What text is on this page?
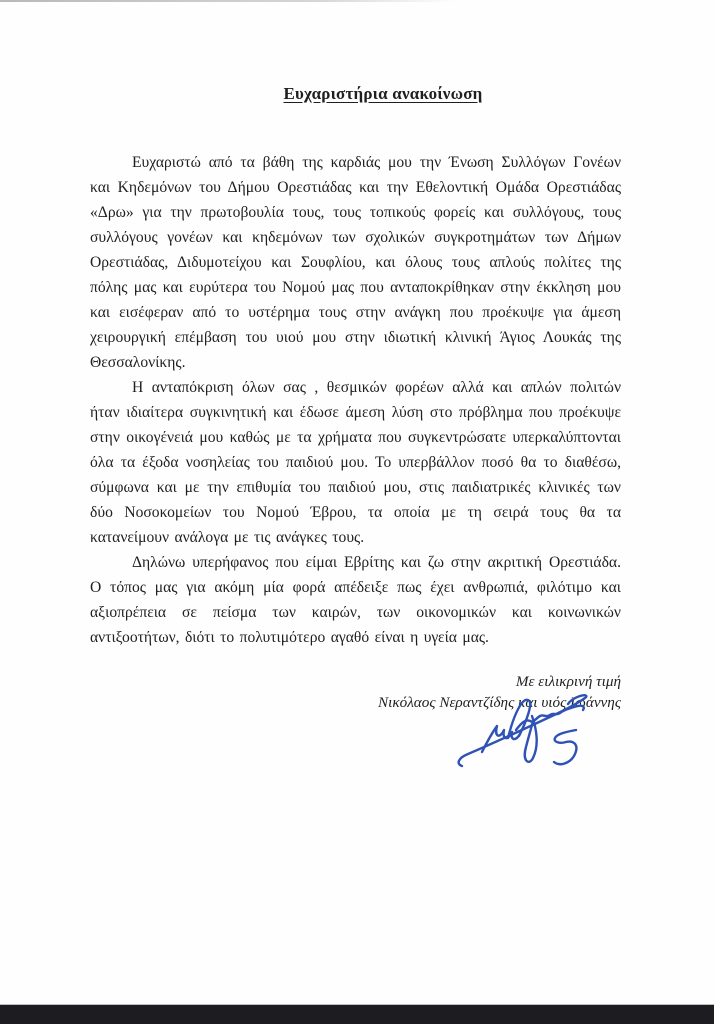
Ευχαριστήρια ανακοίνωση

Ευχαριστώ από τα βάθη της καρδιάς μου την Ένωση Συλλόγων Γονέων και Κηδεμόνων του Δήμου Ορεστιάδας και την Εθελοντική Ομάδα Ορεστιάδας «Δρω» για την πρωτοβουλία τους, τους τοπικούς φορείς και συλλόγους, τους συλλόγους γονέων και κηδεμόνων των σχολικών συγκροτημάτων των Δήμων Ορεστιάδας, Διδυμοτείχου και Σουφλίου, και όλους τους απλούς πολίτες της πόλης μας και ευρύτερα του Νομού μας που ανταποκρίθηκαν στην έκκληση μου και εισέφεραν από το υστέρημα τους στην ανάγκη που προέκυψε για άμεση χειρουργική επέμβαση του υιού μου στην ιδιωτική κλινική Άγιος Λουκάς της Θεσσαλονίκης.

Η ανταπόκριση όλων σας , θεσμικών φορέων αλλά και απλών πολιτών ήταν ιδιαίτερα συγκινητική και έδωσε άμεση λύση στο πρόβλημα που προέκυψε στην οικογένειά μου καθώς με τα χρήματα που συγκεντρώσατε υπερκαλύπτονται όλα τα έξοδα νοσηλείας του παιδιού μου. Το υπερβάλλον ποσό θα το διαθέσω, σύμφωνα και με την επιθυμία του παιδιού μου, στις παιδιατρικές κλινικές των δύο Νοσοκομείων του Νομού Έβρου, τα οποία με τη σειρά τους θα τα κατανείμουν ανάλογα με τις ανάγκες τους.

Δηλώνω υπερήφανος που είμαι Εβρίτης και ζω στην ακριτική Ορεστιάδα. Ο τόπος μας για ακόμη μία φορά απέδειξε πως έχει ανθρωπιά, φιλότιμο και αξιοπρέπεια σε πείσμα των καιρών, των οικονομικών και κοινωνικών αντιξοοτήτων, διότι το πολυτιμότερο αγαθό είναι η υγεία μας.

Με ειλικρινή τιμή
Νικόλαος Νεραντζίδης και υιός Ιωάννης
